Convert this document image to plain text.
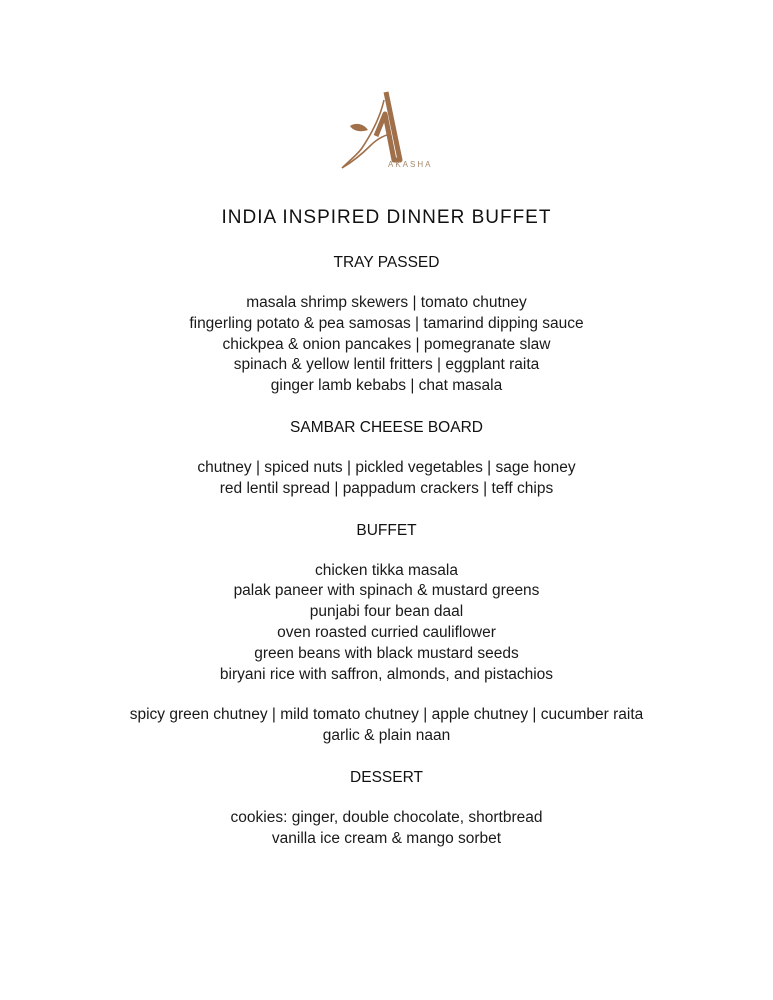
AKASHA
INDIA INSPIRED DINNER BUFFET
TRAY PASSED
masala shrimp skewers | tomato chutney
fingerling potato & pea samosas | tamarind dipping sauce
chickpea & onion pancakes | pomegranate slaw
spinach & yellow lentil fritters | eggplant raita
ginger lamb kebabs | chat masala
SAMBAR CHEESE BOARD
chutney | spiced nuts | pickled vegetables | sage honey
red lentil spread | pappadum crackers | teff chips
BUFFET
chicken tikka masala
palak paneer with spinach & mustard greens
punjabi four bean daal
oven roasted curried cauliflower
green beans with black mustard seeds
biryani rice with saffron, almonds, and pistachios
spicy green chutney | mild tomato chutney | apple chutney | cucumber raita
garlic & plain naan
DESSERT
cookies: ginger, double chocolate, shortbread
vanilla ice cream & mango sorbet
